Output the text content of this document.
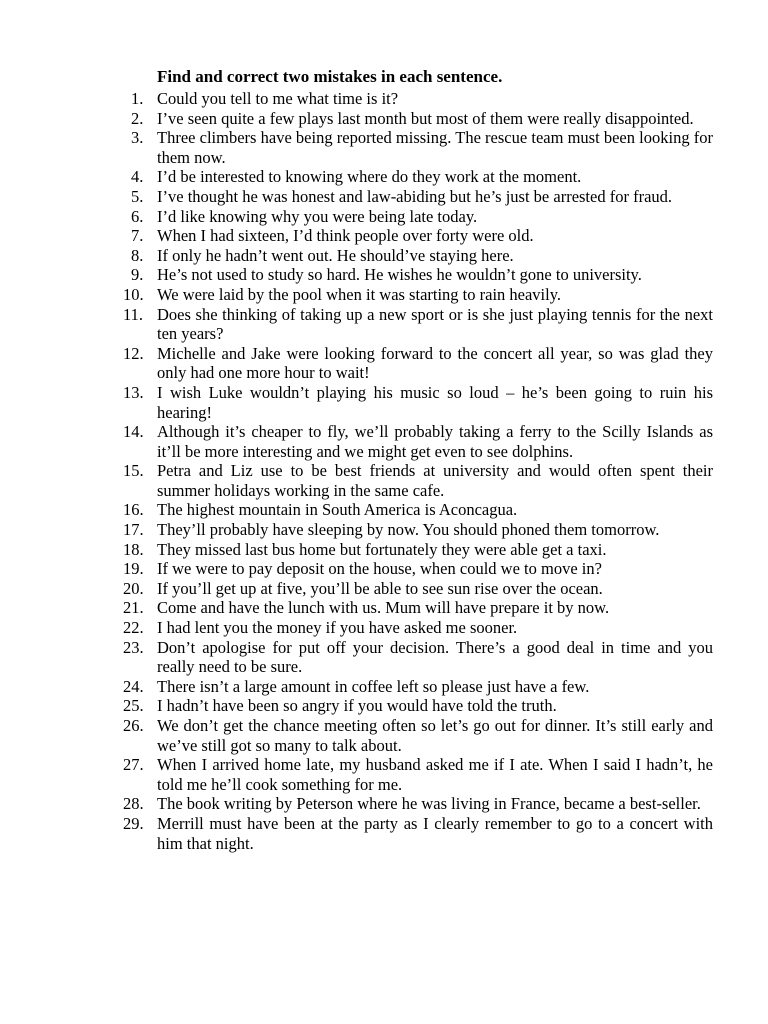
Find and correct two mistakes in each sentence.
1. Could you tell to me what time is it?
2. I’ve seen quite a few plays last month but most of them were really disappointed.
3. Three climbers have being reported missing. The rescue team must been looking for them now.
4. I’d be interested to knowing where do they work at the moment.
5. I’ve thought he was honest and law-abiding but he’s just be arrested for fraud.
6. I’d like knowing why you were being late today.
7. When I had sixteen, I’d think people over forty were old.
8. If only he hadn’t went out. He should’ve staying here.
9. He’s not used to study so hard. He wishes he wouldn’t gone to university.
10. We were laid by the pool when it was starting to rain heavily.
11. Does she thinking of taking up a new sport or is she just playing tennis for the next ten years?
12. Michelle and Jake were looking forward to the concert all year, so was glad they only had one more hour to wait!
13. I wish Luke wouldn’t playing his music so loud – he’s been going to ruin his hearing!
14. Although it’s cheaper to fly, we’ll probably taking a ferry to the Scilly Islands as it’ll be more interesting and we might get even to see dolphins.
15. Petra and Liz use to be best friends at university and would often spent their summer holidays working in the same cafe.
16. The highest mountain in South America is Aconcagua.
17. They’ll probably have sleeping by now. You should phoned them tomorrow.
18. They missed last bus home but fortunately they were able get a taxi.
19. If we were to pay deposit on the house, when could we to move in?
20. If you’ll get up at five, you’ll be able to see sun rise over the ocean.
21. Come and have the lunch with us. Mum will have prepare it by now.
22. I had lent you the money if you have asked me sooner.
23. Don’t apologise for put off your decision. There’s a good deal in time and you really need to be sure.
24. There isn’t a large amount in coffee left so please just have a few.
25. I hadn’t have been so angry if you would have told the truth.
26. We don’t get the chance meeting often so let’s go out for dinner. It’s still early and we’ve still got so many to talk about.
27. When I arrived home late, my husband asked me if I ate. When I said I hadn’t, he told me he’ll cook something for me.
28. The book writing by Peterson where he was living in France, became a best-seller.
29. Merrill must have been at the party as I clearly remember to go to a concert with him that night.
